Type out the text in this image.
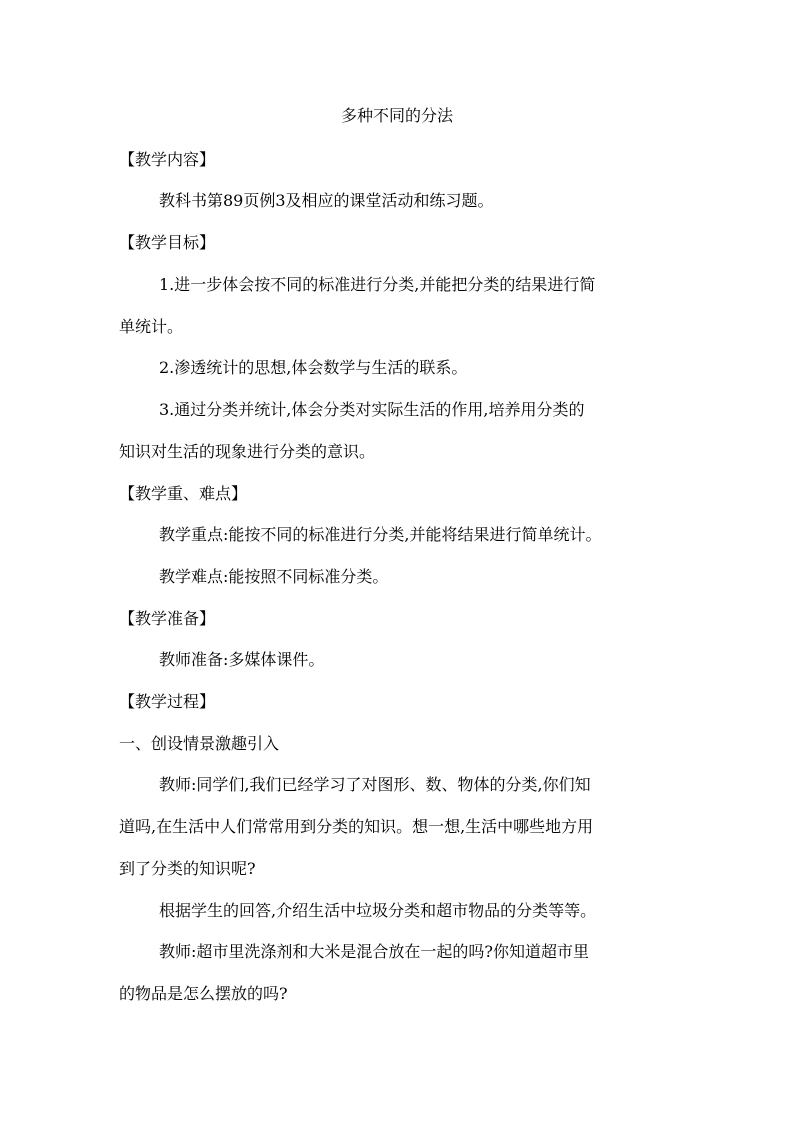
多种不同的分法
【教学内容】
教科书第89页例3及相应的课堂活动和练习题。
【教学目标】
1.进一步体会按不同的标准进行分类,并能把分类的结果进行简
单统计。
2.渗透统计的思想,体会数学与生活的联系。
3.通过分类并统计,体会分类对实际生活的作用,培养用分类的
知识对生活的现象进行分类的意识。
【教学重、难点】
教学重点:能按不同的标准进行分类,并能将结果进行简单统计。
教学难点:能按照不同标准分类。
【教学准备】
教师准备:多媒体课件。
【教学过程】
一、创设情景激趣引入
教师:同学们,我们已经学习了对图形、数、物体的分类,你们知
道吗,在生活中人们常常用到分类的知识。想一想,生活中哪些地方用
到了分类的知识呢?
根据学生的回答,介绍生活中垃圾分类和超市物品的分类等等。
教师:超市里洗涤剂和大米是混合放在一起的吗?你知道超市里
的物品是怎么摆放的吗?
